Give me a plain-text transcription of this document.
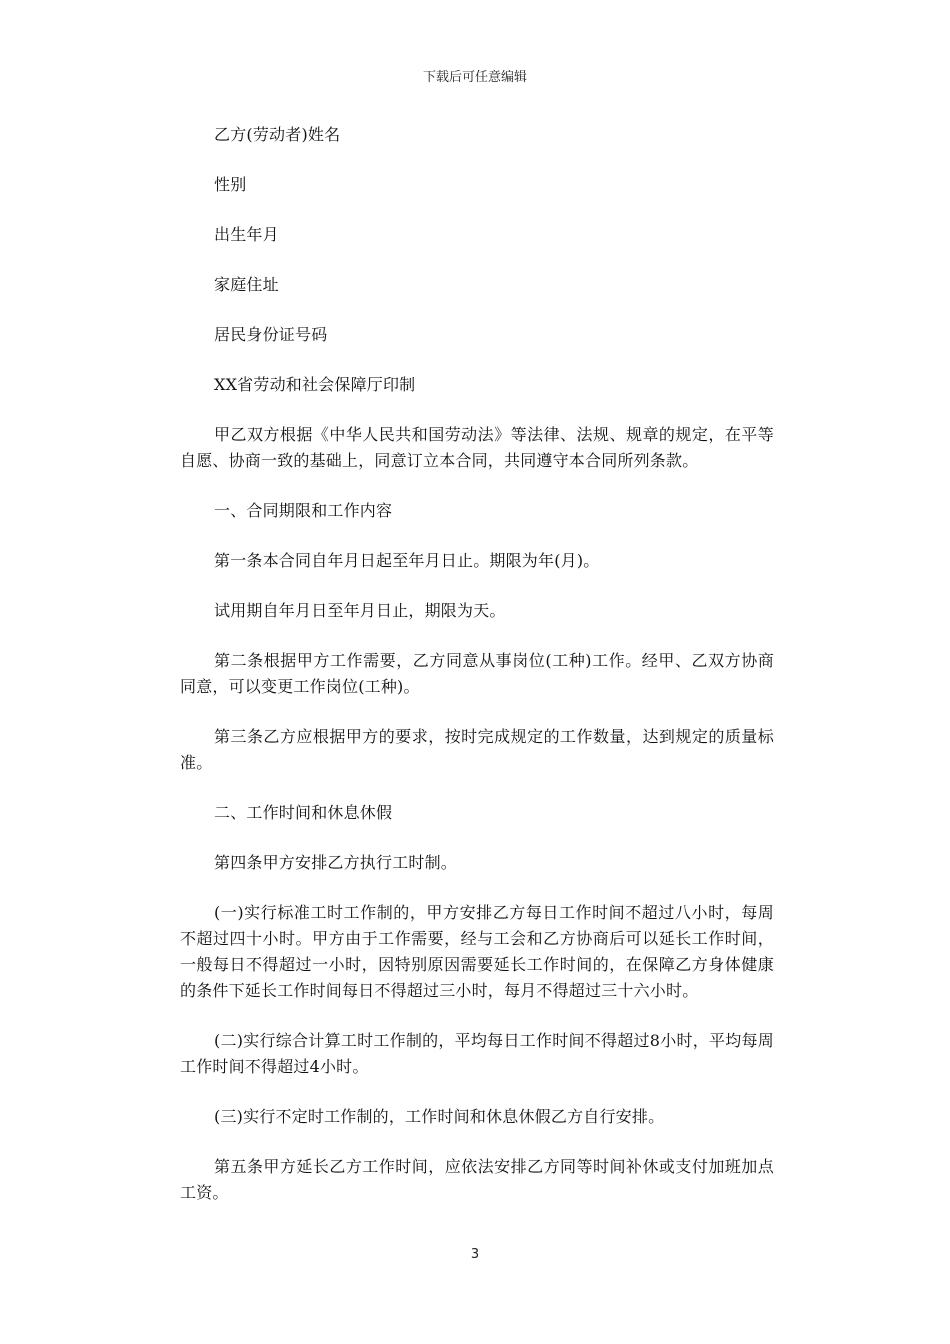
下载后可任意编辑

乙方(劳动者)姓名

性别

出生年月

家庭住址

居民身份证号码

XX省劳动和社会保障厅印制

甲乙双方根据《中华人民共和国劳动法》等法律、法规、规章的规定，在平等自愿、协商一致的基础上，同意订立本合同，共同遵守本合同所列条款。

一、合同期限和工作内容

第一条本合同自年月日起至年月日止。期限为年(月)。

试用期自年月日至年月日止，期限为天。

第二条根据甲方工作需要，乙方同意从事岗位(工种)工作。经甲、乙双方协商同意，可以变更工作岗位(工种)。

第三条乙方应根据甲方的要求，按时完成规定的工作数量，达到规定的质量标准。

二、工作时间和休息休假

第四条甲方安排乙方执行工时制。

(一)实行标准工时工作制的，甲方安排乙方每日工作时间不超过八小时，每周不超过四十小时。甲方由于工作需要，经与工会和乙方协商后可以延长工作时间，一般每日不得超过一小时，因特别原因需要延长工作时间的，在保障乙方身体健康的条件下延长工作时间每日不得超过三小时，每月不得超过三十六小时。

(二)实行综合计算工时工作制的，平均每日工作时间不得超过8小时，平均每周工作时间不得超过4小时。

(三)实行不定时工作制的，工作时间和休息休假乙方自行安排。

第五条甲方延长乙方工作时间，应依法安排乙方同等时间补休或支付加班加点工资。

3
